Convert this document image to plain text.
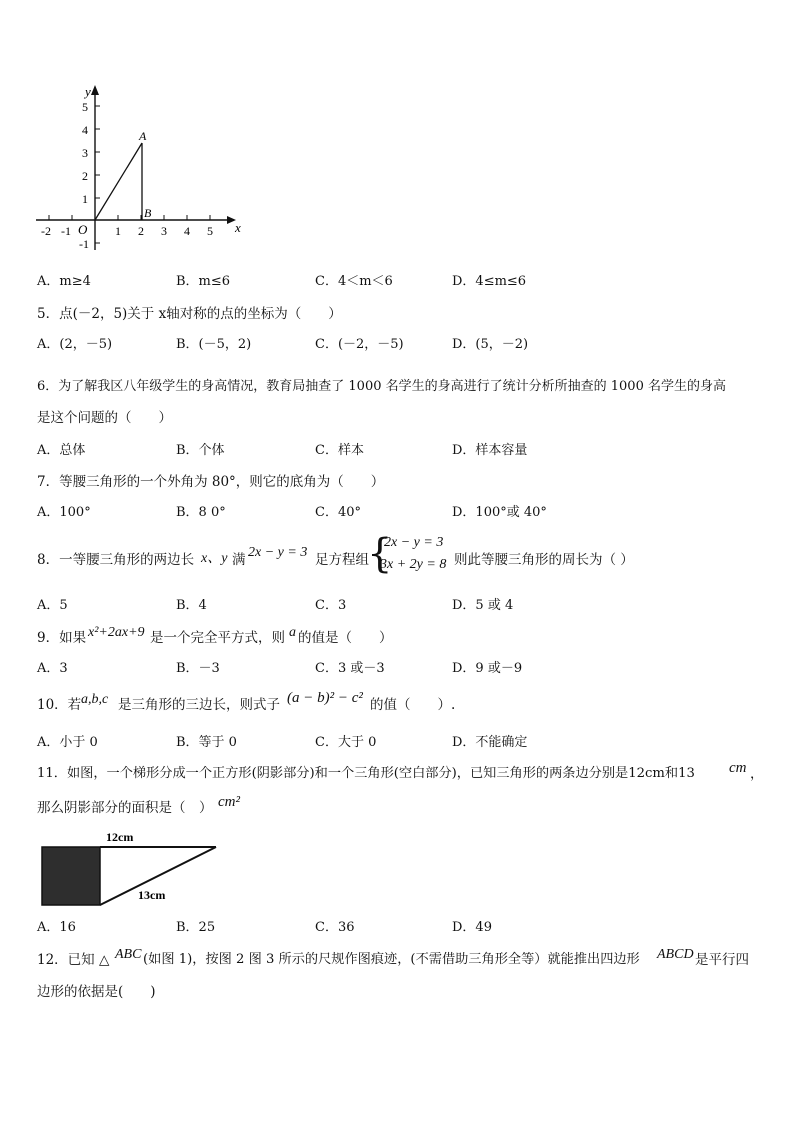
y
x
O
5
4
3
2
1
-1
-2 -1	1 2 3 4 5
A
B
A．m≥4	B．m≤6	C．4＜m＜6	D．4≤m≤6
5．点(－2，5)关于 x轴对称的点的坐标为（　　）
A．(2，－5)	B．(－5，2)	C．(－2，－5)	D．(5，－2)
6．为了解我区八年级学生的身高情况，教育局抽查了 1000 名学生的身高进行了统计分析所抽查的 1000 名学生的身高
是这个问题的（　　）
A．总体	B．个体	C．样本	D．样本容量
7．等腰三角形的一个外角为 80°，则它的底角为（　　）
A．100°	B．8 0°	C．40°	D．100°或 40°
8．一等腰三角形的两边长 x、y 满 2x − y = 3 足方程组
{
2x − y = 3
3x + 2y = 8 则此等腰三角形的周长为（ ）
A．5	B．4	C．3	D．5 或 4
9．如果 x²+2ax+9 是一个完全平方式，则 a 的值是（　　）
A．3	B．－3	C．3 或－3	D．9 或－9
10．若 a,b,c 是三角形的三边长，则式子 (a − b)² − c² 的值（　　）.
A．小于 0	B．等于 0	C．大于 0	D．不能确定
11．如图，一个梯形分成一个正方形(阴影部分)和一个三角形(空白部分)，已知三角形的两条边分别是12cm和13 cm ，
那么阴影部分的面积是（　） cm²
12cm
13cm
A．16	B．25	C．36	D．49
12．已知 △ ABC (如图 1)，按图 2 图 3 所示的尺规作图痕迹，(不需借助三角形全等）就能推出四边形 ABCD 是平行四
边形的依据是(　　)
